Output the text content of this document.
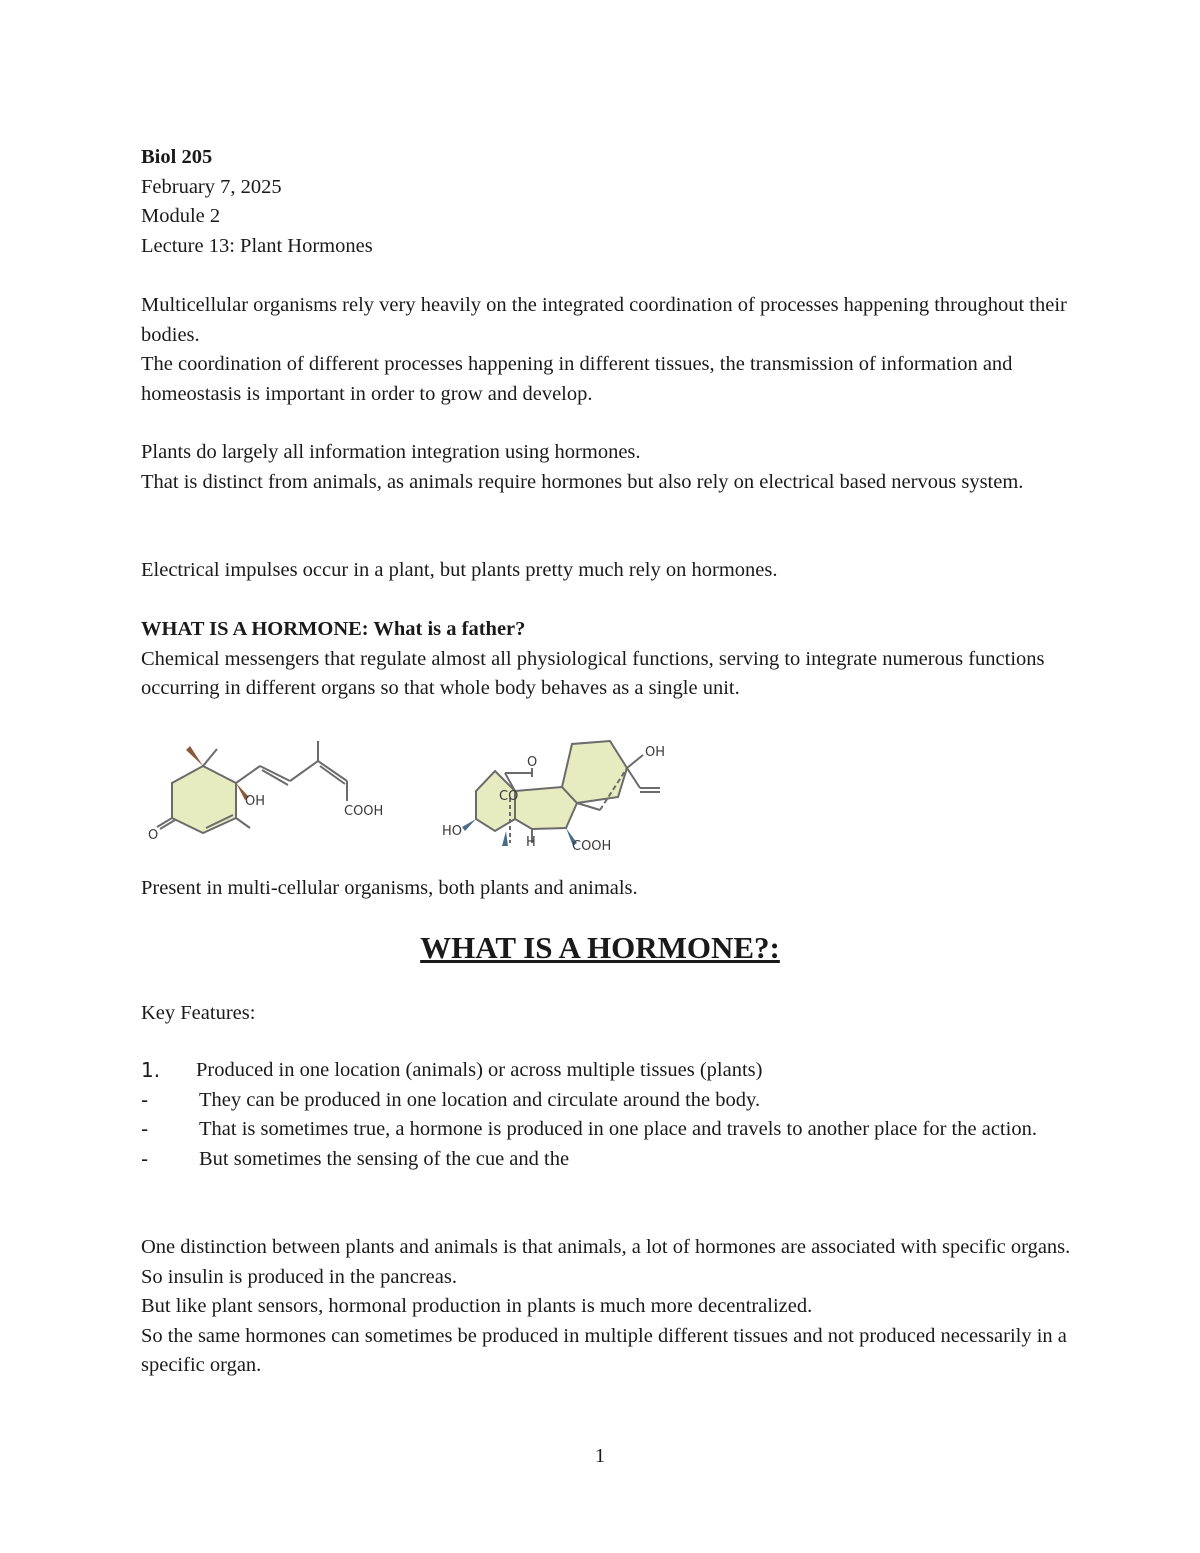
Biol 205

February 7, 2025

Module 2

Lecture 13: Plant Hormones

Multicellular organisms rely very heavily on the integrated coordination of processes happening throughout their bodies.

The coordination of different processes happening in different tissues, the transmission of information and homeostasis is important in order to grow and develop.

Plants do largely all information integration using hormones.

That is distinct from animals, as animals require hormones but also rely on electrical based nervous system.

Electrical impulses occur in a plant, but plants pretty much rely on hormones.

WHAT IS A HORMONE: What is a father?

Chemical messengers that regulate almost all physiological functions, serving to integrate numerous functions occurring in different organs so that whole body behaves as a single unit.

O
OH
COOH
O
CO
OH
HO
H	COOH

Present in multi-cellular organisms, both plants and animals.

WHAT IS A HORMONE?:

Key Features:

1. Produced in one location (animals) or across multiple tissues (plants)
- They can be produced in one location and circulate around the body.
- That is sometimes true, a hormone is produced in one place and travels to another place for the action.
- But sometimes the sensing of the cue and the

One distinction between plants and animals is that animals, a lot of hormones are associated with specific organs.

So insulin is produced in the pancreas.

But like plant sensors, hormonal production in plants is much more decentralized.

So the same hormones can sometimes be produced in multiple different tissues and not produced necessarily in a specific organ.

1
